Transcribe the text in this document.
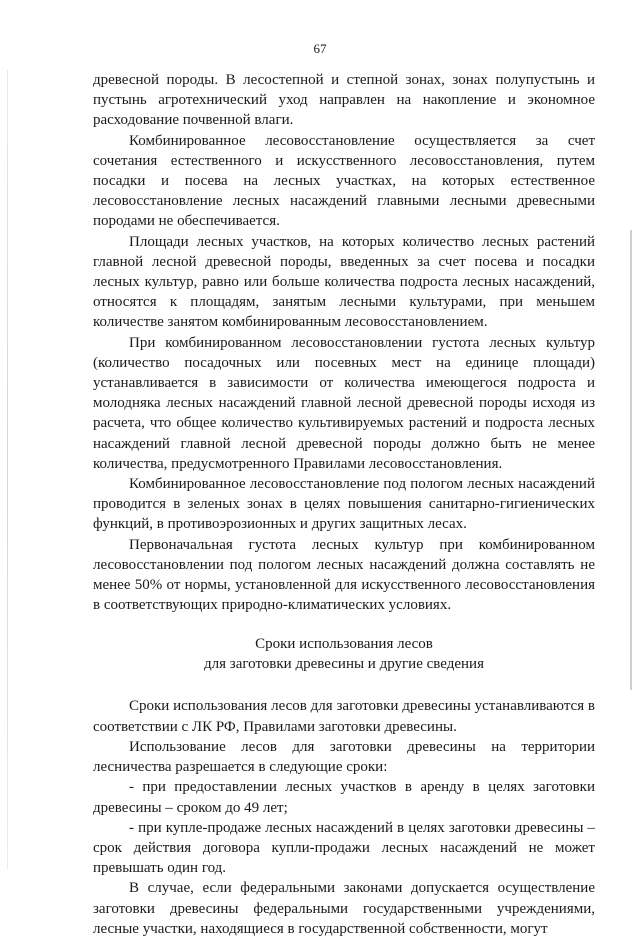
67

древесной породы. В лесостепной и степной зонах, зонах полупустынь и пустынь агротехнический уход направлен на накопление и экономное расходование почвенной влаги.

Комбинированное лесовосстановление осуществляется за счет сочетания естественного и искусственного лесовосстановления, путем посадки и посева на лесных участках, на которых естественное лесовосстановление лесных насаждений главными лесными древесными породами не обеспечивается.

Площади лесных участков, на которых количество лесных растений главной лесной древесной породы, введенных за счет посева и посадки лесных культур, равно или больше количества подроста лесных насаждений, относятся к площадям, занятым лесными культурами, при меньшем количестве занятом комбинированным лесовосстановлением.

При комбинированном лесовосстановлении густота лесных культур (количество посадочных или посевных мест на единице площади) устанавливается в зависимости от количества имеющегося подроста и молодняка лесных насаждений главной лесной древесной породы исходя из расчета, что общее количество культивируемых растений и подроста лесных насаждений главной лесной древесной породы должно быть не менее количества, предусмотренного Правилами лесовосстановления.

Комбинированное лесовосстановление под пологом лесных насаждений проводится в зеленых зонах в целях повышения санитарно-гигиенических функций, в противоэрозионных и других защитных лесах.

Первоначальная густота лесных культур при комбинированном лесовосстановлении под пологом лесных насаждений должна составлять не менее 50% от нормы, установленной для искусственного лесовосстановления в соответствующих природно-климатических условиях.

Сроки использования лесов
для заготовки древесины и другие сведения

Сроки использования лесов для заготовки древесины устанавливаются в соответствии с ЛК РФ, Правилами заготовки древесины.

Использование лесов для заготовки древесины на территории лесничества разрешается в следующие сроки:

- при предоставлении лесных участков в аренду в целях заготовки древесины – сроком до 49 лет;

- при купле-продаже лесных насаждений в целях заготовки древесины – срок действия договора купли-продажи лесных насаждений не может превышать один год.

В случае, если федеральными законами допускается осуществление заготовки древесины федеральными государственными учреждениями, лесные участки, находящиеся в государственной собственности, могут
